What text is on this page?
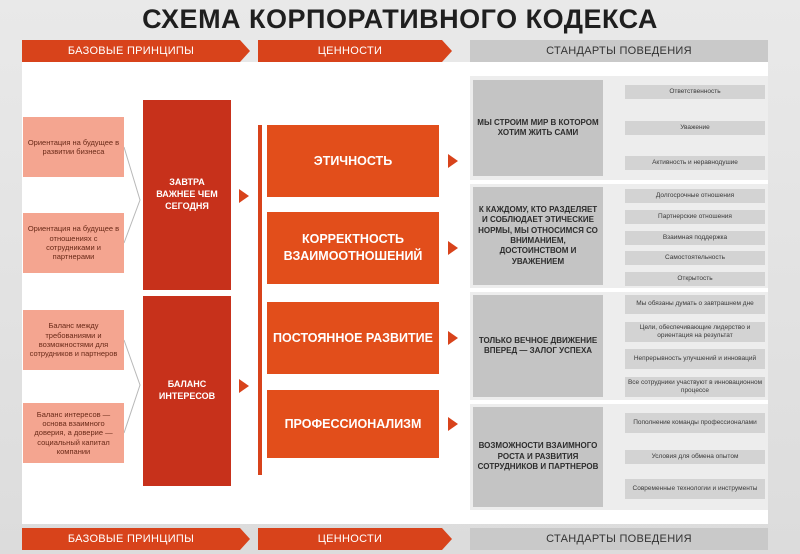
СХЕМА КОРПОРАТИВНОГО КОДЕКСА
БАЗОВЫЕ ПРИНЦИПЫ	ЦЕННОСТИ	СТАНДАРТЫ ПОВЕДЕНИЯ
БАЗОВЫЕ ПРИНЦИПЫ	ЦЕННОСТИ	СТАНДАРТЫ ПОВЕДЕНИЯ
Ориентация на будущее в развитии бизнеса
Ориентация на будущее в отношениях с сотрудниками и партнерами
Баланс между требованиями и возможностями для сотрудников и партнеров
Баланс интересов — основа взаимного доверия, а доверие — социальный капитал компании
ЗАВТРА ВАЖНЕЕ ЧЕМ СЕГОДНЯ
БАЛАНС ИНТЕРЕСОВ
ЭТИЧНОСТЬ
КОРРЕКТНОСТЬ ВЗАИМООТНОШЕНИЙ
ПОСТОЯННОЕ РАЗВИТИЕ
ПРОФЕССИОНАЛИЗМ
МЫ СТРОИМ МИР В КОТОРОМ ХОТИМ ЖИТЬ САМИ
Ответственность
Уважение
Активность и неравнодушие
К КАЖДОМУ, КТО РАЗДЕЛЯЕТ И СОБЛЮДАЕТ ЭТИЧЕСКИЕ НОРМЫ, МЫ ОТНОСИМСЯ СО ВНИМАНИЕМ, ДОСТОИНСТВОМ И УВАЖЕНИЕМ
Долгосрочные отношения
Партнерские отношения
Взаимная поддержка
Самостоятельность
Открытость
ТОЛЬКО ВЕЧНОЕ ДВИЖЕНИЕ ВПЕРЕД — ЗАЛОГ УСПЕХА
Мы обязаны думать о завтрашнем дне
Цели, обеспечивающие лидерство и ориентация на результат
Непрерывность улучшений и инноваций
Все сотрудники участвуют в инновационном процессе
ВОЗМОЖНОСТИ ВЗАИМНОГО РОСТА И РАЗВИТИЯ СОТРУДНИКОВ И ПАРТНЕРОВ
Пополнение команды профессионалами
Условия для обмена опытом
Современные технологии и инструменты
